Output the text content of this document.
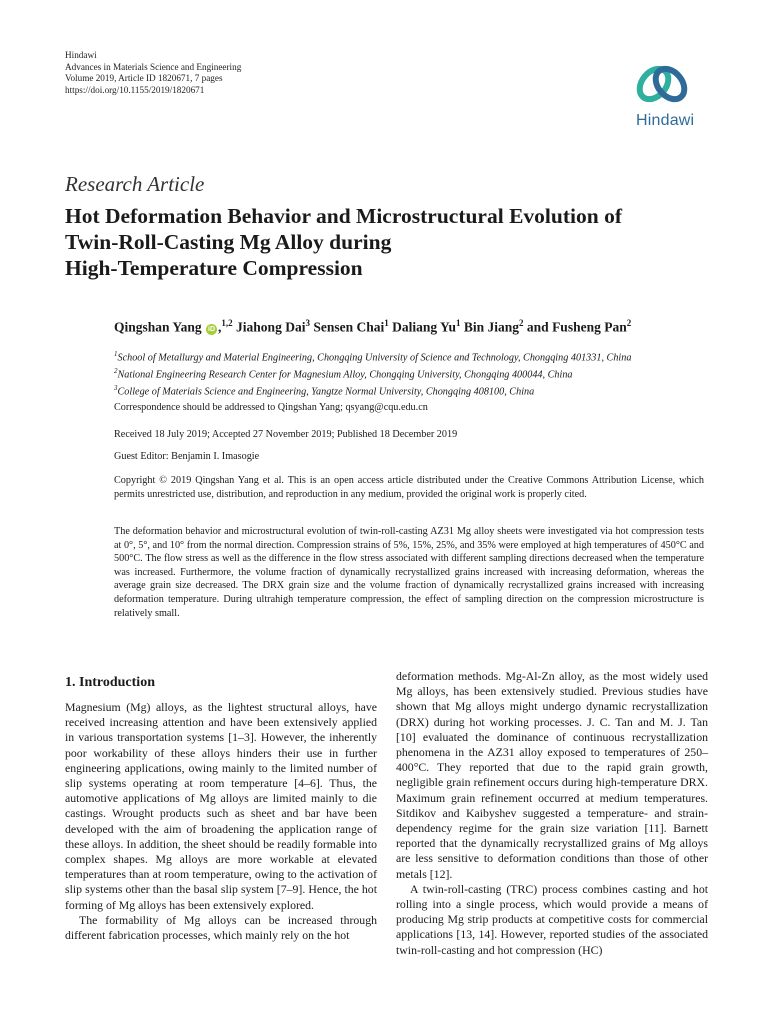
Hindawi
Advances in Materials Science and Engineering
Volume 2019, Article ID 1820671, 7 pages
https://doi.org/10.1155/2019/1820671
Hindawi
Research Article
Hot Deformation Behavior and Microstructural Evolution of
Twin-Roll-Casting Mg Alloy during
High-Temperature Compression
Qingshan Yang iD ,$^{1,2}$ Jiahong Dai$^3$ Sensen Chai$^1$ Daliang Yu$^1$ Bin Jiang$^2$ and Fusheng Pan$^2$
$^1$School of Metallurgy and Material Engineering, Chongqing University of Science and Technology, Chongqing 401331, China
$^2$National Engineering Research Center for Magnesium Alloy, Chongqing University, Chongqing 400044, China
$^3$College of Materials Science and Engineering, Yangtze Normal University, Chongqing 408100, China
Correspondence should be addressed to Qingshan Yang; qsyang@cqu.edu.cn
Received 18 July 2019; Accepted 27 November 2019; Published 18 December 2019
Guest Editor: Benjamin I. Imasogie
Copyright © 2019 Qingshan Yang et al. This is an open access article distributed under the Creative Commons Attribution License, which permits unrestricted use, distribution, and reproduction in any medium, provided the original work is properly cited.
The deformation behavior and microstructural evolution of twin-roll-casting AZ31 Mg alloy sheets were investigated via hot compression tests at 0°, 5°, and 10° from the normal direction. Compression strains of 5%, 15%, 25%, and 35% were employed at high temperatures of 450°C and 500°C. The flow stress as well as the difference in the flow stress associated with different sampling directions decreased when the temperature was increased. Furthermore, the volume fraction of dynamically recrystallized grains increased with increasing deformation, whereas the average grain size decreased. The DRX grain size and the volume fraction of dynamically recrystallized grains increased with increasing deformation temperature. During ultrahigh temperature compression, the effect of sampling direction on the compression microstructure is relatively small.
1. Introduction

Magnesium (Mg) alloys, as the lightest structural alloys, have received increasing attention and have been extensively applied in various transportation systems [1–3]. However, the inherently poor workability of these alloys hinders their use in further engineering applications, owing mainly to the limited number of slip systems operating at room temperature [4–6]. Thus, the automotive applications of Mg alloys are limited mainly to die castings. Wrought products such as sheet and bar have been developed with the aim of broadening the application range of these alloys. In addition, the sheet should be readily formable into complex shapes. Mg alloys are more workable at elevated temperatures than at room temperature, owing to the activation of slip systems other than the basal slip system [7–9]. Hence, the hot forming of Mg alloys has been extensively explored.

The formability of Mg alloys can be increased through different fabrication processes, which mainly rely on the hot

deformation methods. Mg-Al-Zn alloy, as the most widely used Mg alloys, has been extensively studied. Previous studies have shown that Mg alloys might undergo dynamic recrystallization (DRX) during hot working processes. J. C. Tan and M. J. Tan [10] evaluated the dominance of continuous recrystallization phenomena in the AZ31 alloy exposed to temperatures of 250–400°C. They reported that due to the rapid grain growth, negligible grain refinement occurs during high-temperature DRX. Maximum grain refinement occurred at medium temperatures. Sitdikov and Kaibyshev suggested a temperature- and strain-dependency regime for the grain size variation [11]. Barnett reported that the dynamically recrystallized grains of Mg alloys are less sensitive to deformation conditions than those of other metals [12].

A twin-roll-casting (TRC) process combines casting and hot rolling into a single process, which would provide a means of producing Mg strip products at competitive costs for commercial applications [13, 14]. However, reported studies of the associated twin-roll-casting and hot compression (HC)
